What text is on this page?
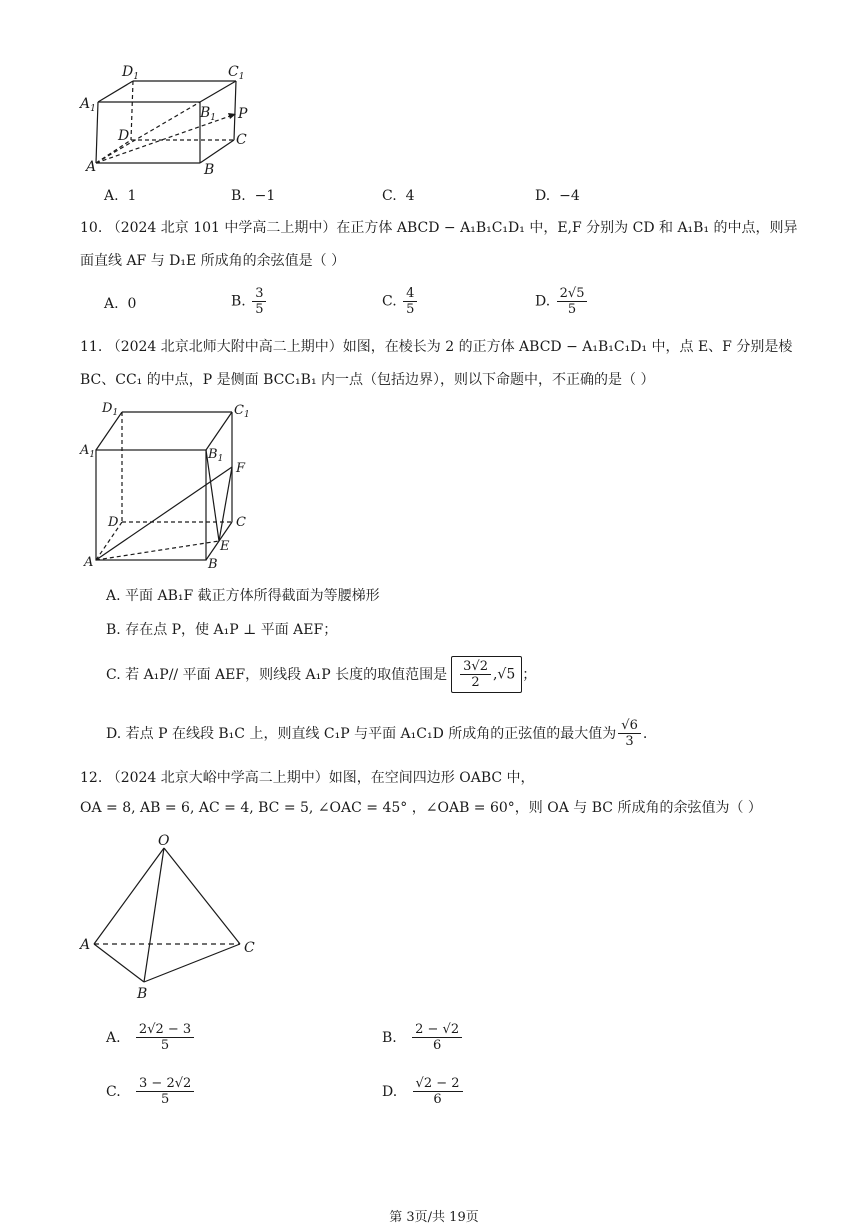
$D_1$	$C_1$
$A_1$	$B_1$ P
D	C
A	B
A. 1	B. −1	C. 4	D. −4
10. （2024 北京 101 中学高二上期中）在正方体 ABCD − A₁B₁C₁D₁ 中，E,F 分别为 CD 和 A₁B₁ 的中点，则异
面直线 AF 与 D₁E 所成角的余弦值是（ ）
A. 0	B. $\frac{3}{5}$	C. $\frac{4}{5}$	D. $\frac{2√5}{5}$
11. （2024 北京北师大附中高二上期中）如图，在棱长为 2 的正方体 ABCD − A₁B₁C₁D₁ 中，点 E、F 分别是棱
BC、CC₁ 的中点，P 是侧面 BCC₁B₁ 内一点（包括边界），则以下命题中，不正确的是（ ）
$D_1$	$C_1$
$A_1$	$B_1$
F
D	C
E
A	B
A. 平面 AB₁F 截正方体所得截面为等腰梯形
B. 存在点 P，使 A₁P ⊥ 平面 AEF；
C. 若 A₁P// 平面 AEF，则线段 A₁P 长度的取值范围是 $\frac{3√2}{2} ,√5$ ；
D. 若点 P 在线段 B₁C 上，则直线 C₁P 与平面 A₁C₁D 所成角的正弦值的最大值为 $\frac{√6}{3}$ .
12. （2024 北京大峪中学高二上期中）如图，在空间四边形 OABC 中，
OA = 8, AB = 6, AC = 4, BC = 5, ∠OAC = 45° ，∠OAB = 60°，则 OA 与 BC 所成角的余弦值为（ ）
O
A	C
B
A.
$\frac{2√2 - 3}{5}$	B.
$\frac{2 - √2}{6}$
C.
$\frac{3 - 2√2}{5}$	D.
$\frac{√2 - 2}{6}$
第 3页/共 19页
